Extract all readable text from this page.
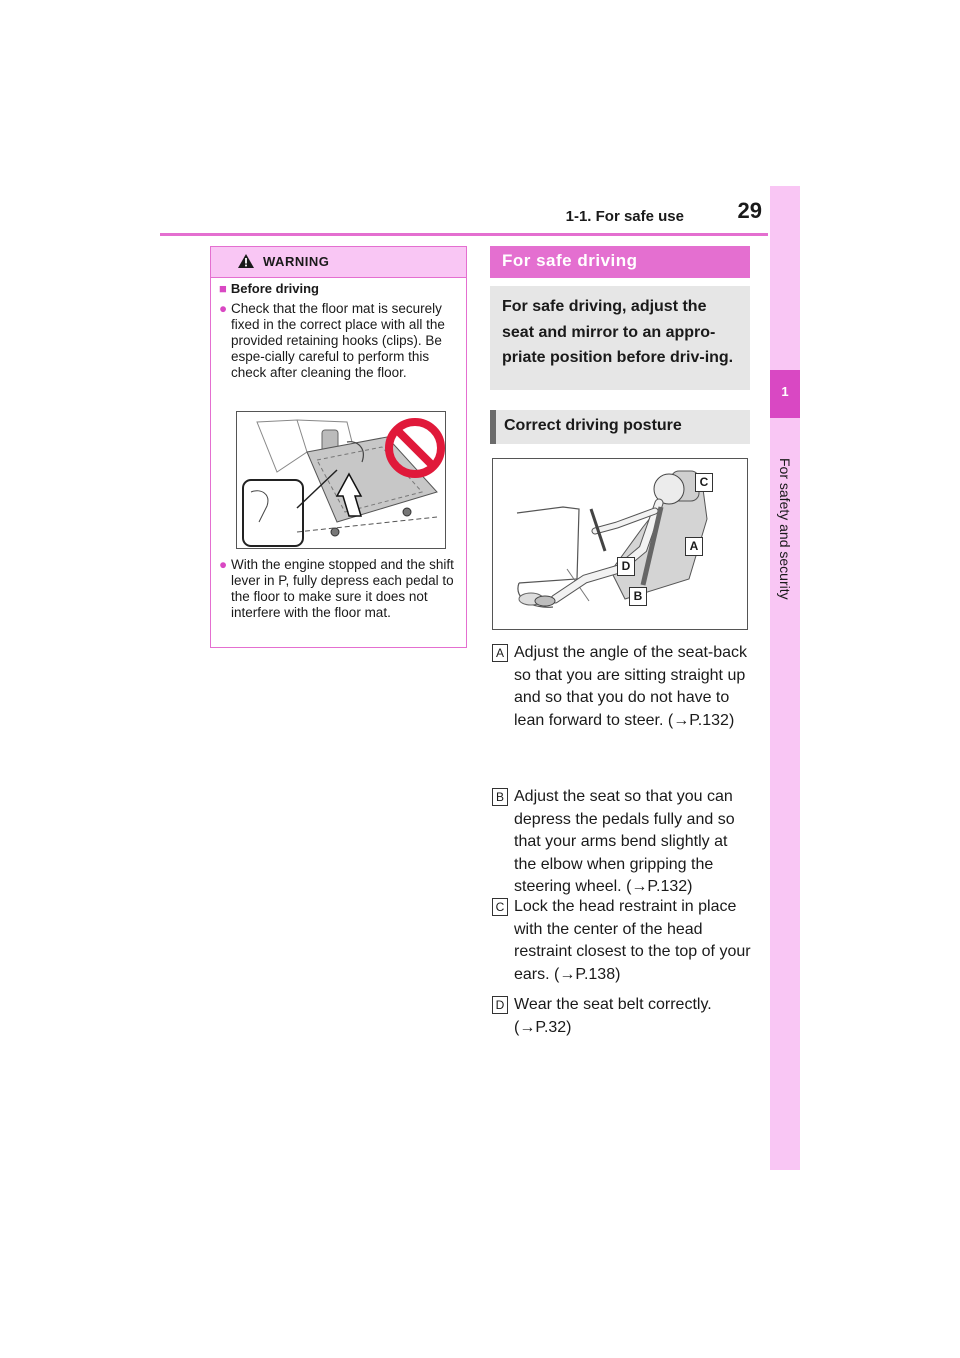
1-1. For safe use 29
1
For safety and security
WARNING
■ Before driving
● Check that the floor mat is securely fixed in the correct place with all the provided retaining hooks (clips). Be espe-cially careful to perform this check after cleaning the floor.
● With the engine stopped and the shift lever in P, fully depress each pedal to the floor to make sure it does not interfere with the floor mat.
For safe driving
For safe driving, adjust the seat and mirror to an appro-priate position before driv-ing.
Correct driving posture
C
A
D
B
A Adjust the angle of the seat-back so that you are sitting straight up and so that you do not have to lean forward to steer. (→P.132)
B Adjust the seat so that you can depress the pedals fully and so that your arms bend slightly at the elbow when gripping the steering wheel. (→P.132)
C Lock the head restraint in place with the center of the head restraint closest to the top of your ears. (→P.138)
D Wear the seat belt correctly. (→P.32)
